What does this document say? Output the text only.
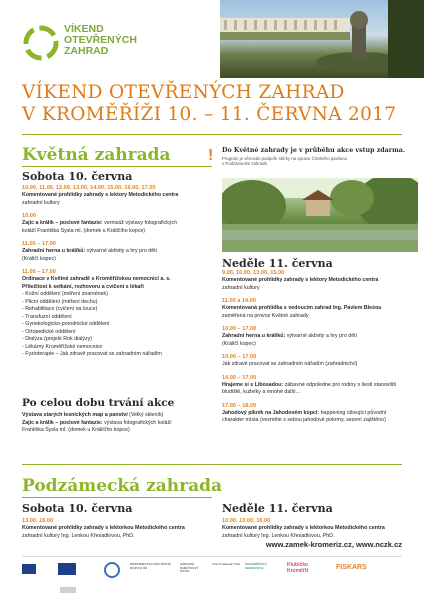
VÍKEND
OTEVŘENÝCH
ZAHRAD
VÍKEND OTEVŘENÝCH ZAHRAD
V KROMĚŘÍŽI 10. – 11. ČERVNA 2017
Květná zahrada ! Do Květné zahrady je v průběhu akce vstup zdarma.
Program je věnován podpoře sbírky na opravu Čínského pavilonu
v Podzámecké zahradě.
Sobota 10. června
10.00, 11.00, 12.00, 13.00, 14.00, 15.00, 16.00, 17.00
Komentované prohlídky zahrady s lektory Metodického centra
zahradní kultury
10.00
Zajíc a králík – poslové fantazie: vernisáž výstavy fotografických
koláží Františka Sysla ml. (domek u Králičího kopce)
11.00 – 17.00
Zahradní herna u králíků: výtvarné aktivity a hry pro děti
(Králičí kopec)
11.00 – 17.00
Ordinace v Květné zahradě s Kroměřížskou nemocnicí a. s.
Příležitost k setkání, rozhovoru a cvičení s lékaři
- Kožní oddělení (měření znamének)
- Plicní oddělení (měření dechu)
- Rehabilitace (cvičení na louce)
- Transfuzní oddělení
- Gynekologicko-porodnické oddělení
- Ortopedické oddělení
- Dialýza (projekt Rok dialýzy)
- Lékárny Kroměřížské nemocnice
- Fyzioterapie – Jak zdravě pracovat se zahradním nářadím
Po celou dobu trvání akce
Výstava starých lesnických map a panství (Velký skleník)
Zajíc a králík – poslové fantazie: výstava fotografických koláží
Františka Sysla ml. (domek u Králičího kopce)
Neděle 11. června
9.00, 10.00, 13.00, 15.00
Komentované prohlídky zahrady s lektory Metodického centra
zahradní kultury
11.00 a 14.00
Komentovaná prohlídka s vedoucím zahrad Ing. Pavlem Bleśou
zaměřená na provoz Květné zahrady
10.00 – 17.00
Zahradní herna u králíků: výtvarné aktivity a hry pro děti
(Králičí kopec)
10.00 – 17.00
Jak zdravě pracovat se zahradním nářadím (zahradnictví)
14.00 – 17.00
Hrajeme si s Líbosadou: zábavné odpoledne pro rodiny s šesti stanovišti
bludiště, kuželky a mnohé další...
17.00 – 18.00
Jahodový piknik na Jahodovém kopci: happening oživující původní
charakter místa (vezměte s sebou jahodové pokrmy, sezení zajištěno)
Podzámecká zahrada
Sobota 10. června
13.00, 16.00
Komentované prohlídky zahrady s lektorkou Metodického centra
zahradní kultury Ing. Lenkou Křesadlovou, PhD.
Neděle 11. června
10.00, 13.00, 16.00
Komentované prohlídky zahrady s lektorkou Metodického centra
zahradní kultury Ing. Lenkou Křesadlovou, PhD.
www.zamek-kromeriz.cz, www.nczk.cz

MINISTERSTVO PRO MÍSTNÍ ROZVOJ ČR
NÁRODNÍ PAMÁTKOVÝ ÚSTAV
Czech National Trust KROMĚŘÍŽSKÁ NEMOCNICE	Klubíčko Kroměříž	FISKARS
